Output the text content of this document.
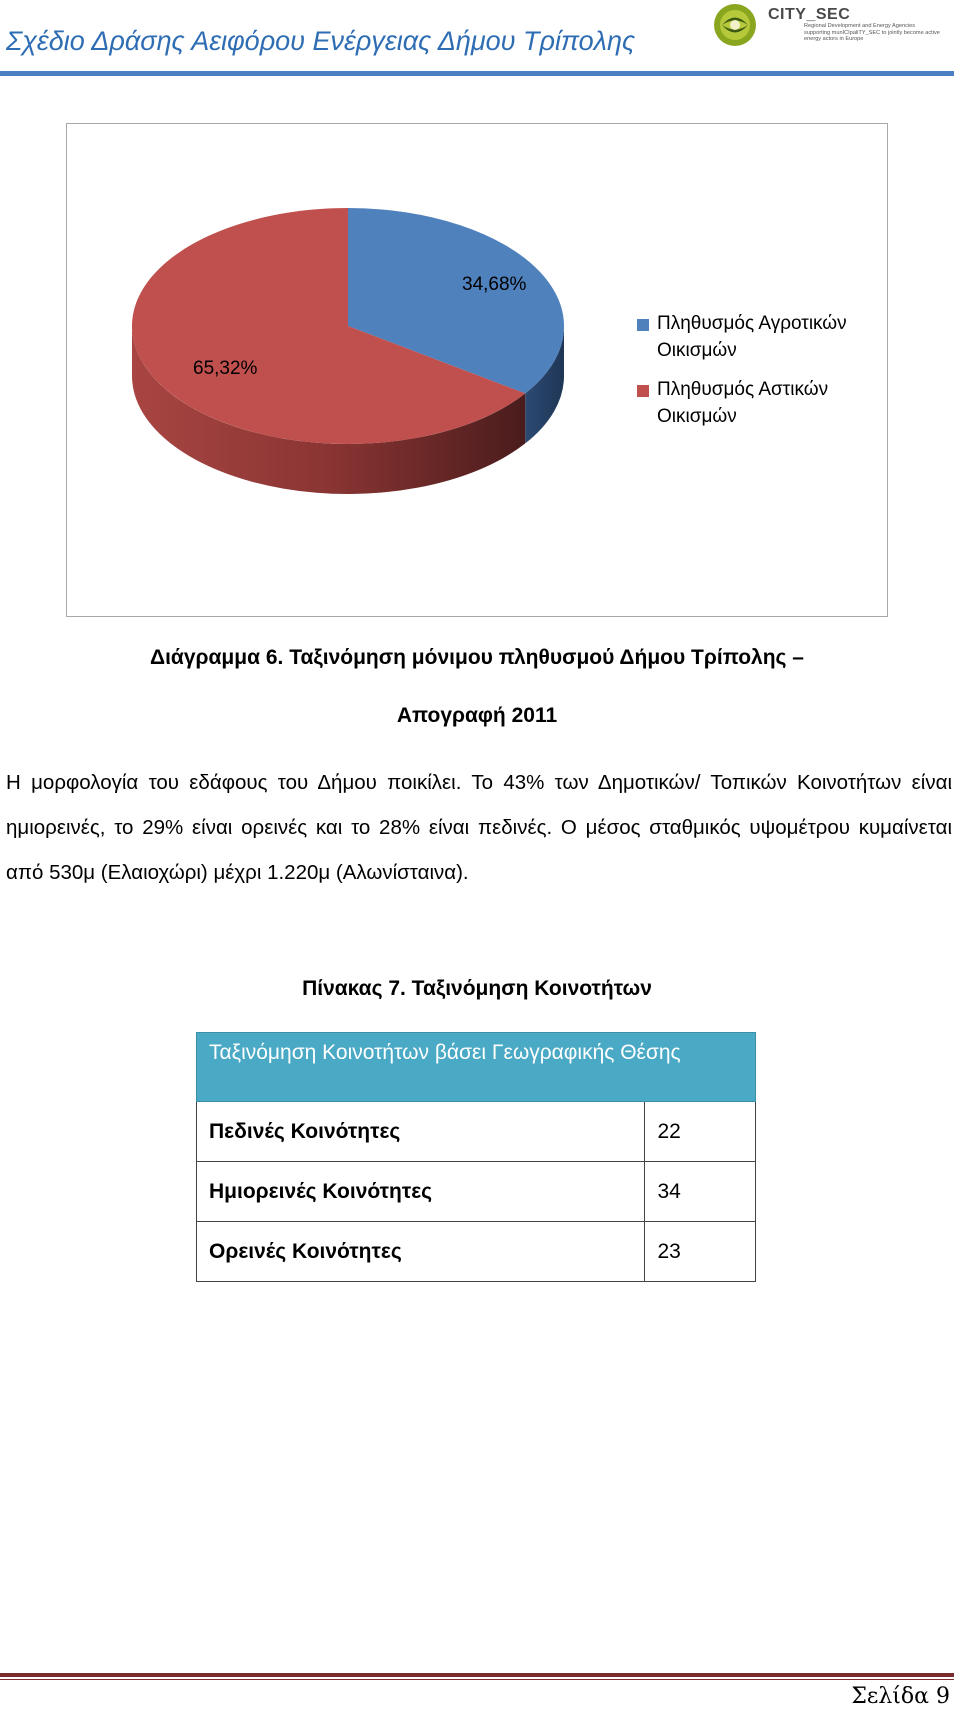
Σχέδιο Δράσης Αειφόρου Ενέργειας Δήμου Τρίπολης
CITY_SEC
Regional Development and Energy Agencies supporting munICIpaliTY_SEC to jointly become active energy actors in Europe
34,68%
65,32%
Πληθυσμός Αγροτικών Οικισμών
Πληθυσμός Αστικών Οικισμών
Διάγραμμα 6. Ταξινόμηση μόνιμου πληθυσμού Δήμου Τρίπολης –
Απογραφή 2011
Η μορφολογία του εδάφους του Δήμου ποικίλει. Το 43% των Δημοτικών/ Τοπικών Κοινοτήτων είναι ημιορεινές, το 29% είναι ορεινές και το 28% είναι πεδινές. Ο μέσος σταθμικός υψομέτρου κυμαίνεται από 530μ (Ελαιοχώρι) μέχρι 1.220μ (Αλωνίσταινα).
Πίνακας 7. Ταξινόμηση Κοινοτήτων
Ταξινόμηση Κοινοτήτων βάσει Γεωγραφικής Θέσης	
Πεδινές Κοινότητες	22
Ημιορεινές Κοινότητες	34
Ορεινές Κοινότητες	23
Σελίδα 9
